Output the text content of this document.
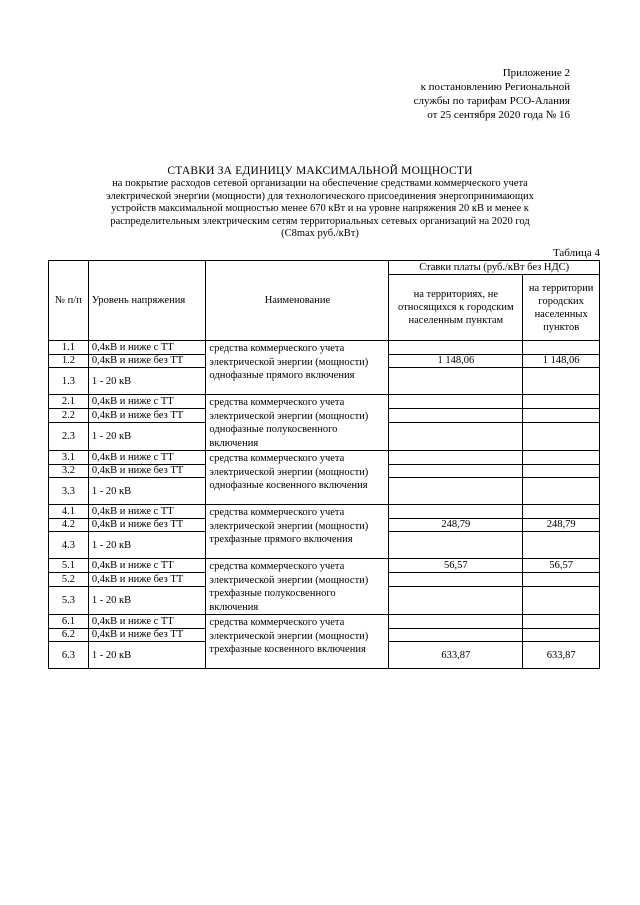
Приложение 2
к постановлению Региональной
службы по тарифам РСО-Алания
от 25 сентября 2020 года № 16

СТАВКИ ЗА ЕДИНИЦУ МАКСИМАЛЬНОЙ МОЩНОСТИ

на покрытие расходов сетевой организации на обеспечение средствами коммерческого учета

электрической энергии (мощности) для технологического присоединения энергопринимающих

устройств максимальной мощностью менее 670 кВт и на уровне напряжения 20 кВ и менее к

распределительным электрическим сетям территориальных сетевых организаций на 2020 год

(C8max руб./кВт)

Таблица 4
№ п/п	Уровень напряжения	Наименование	Ставки платы (руб./кВт без НДС)	
			на территориях, не относящихся к городским населенным пунктам	на территории городских населенных пунктов
1.1	0,4кВ и ниже с ТТ	средства коммерческого учета электрической энергии (мощности) однофазные прямого включения		
1.2	0,4кВ и ниже без ТТ		1 148,06	1 148,06
1.3	1 - 20 кВ			
2.1	0,4кВ и ниже с ТТ	средства коммерческого учета электрической энергии (мощности) однофазные полукосвенного включения		
2.2	0,4кВ и ниже без ТТ			
2.3	1 - 20 кВ			
3.1	0,4кВ и ниже с ТТ	средства коммерческого учета электрической энергии (мощности) однофазные косвенного включения		
3.2	0,4кВ и ниже без ТТ			
3.3	1 - 20 кВ			
4.1	0,4кВ и ниже с ТТ	средства коммерческого учета электрической энергии (мощности) трехфазные прямого включения		
4.2	0,4кВ и ниже без ТТ		248,79	248,79
4.3	1 - 20 кВ			
5.1	0,4кВ и ниже с ТТ	средства коммерческого учета электрической энергии (мощности) трехфазные полукосвенного включения	56,57	56,57
5.2	0,4кВ и ниже без ТТ			
5.3	1 - 20 кВ			
6.1	0,4кВ и ниже с ТТ	средства коммерческого учета электрической энергии (мощности) трехфазные косвенного включения		
6.2	0,4кВ и ниже без ТТ			
6.3	1 - 20 кВ		633,87	633,87
